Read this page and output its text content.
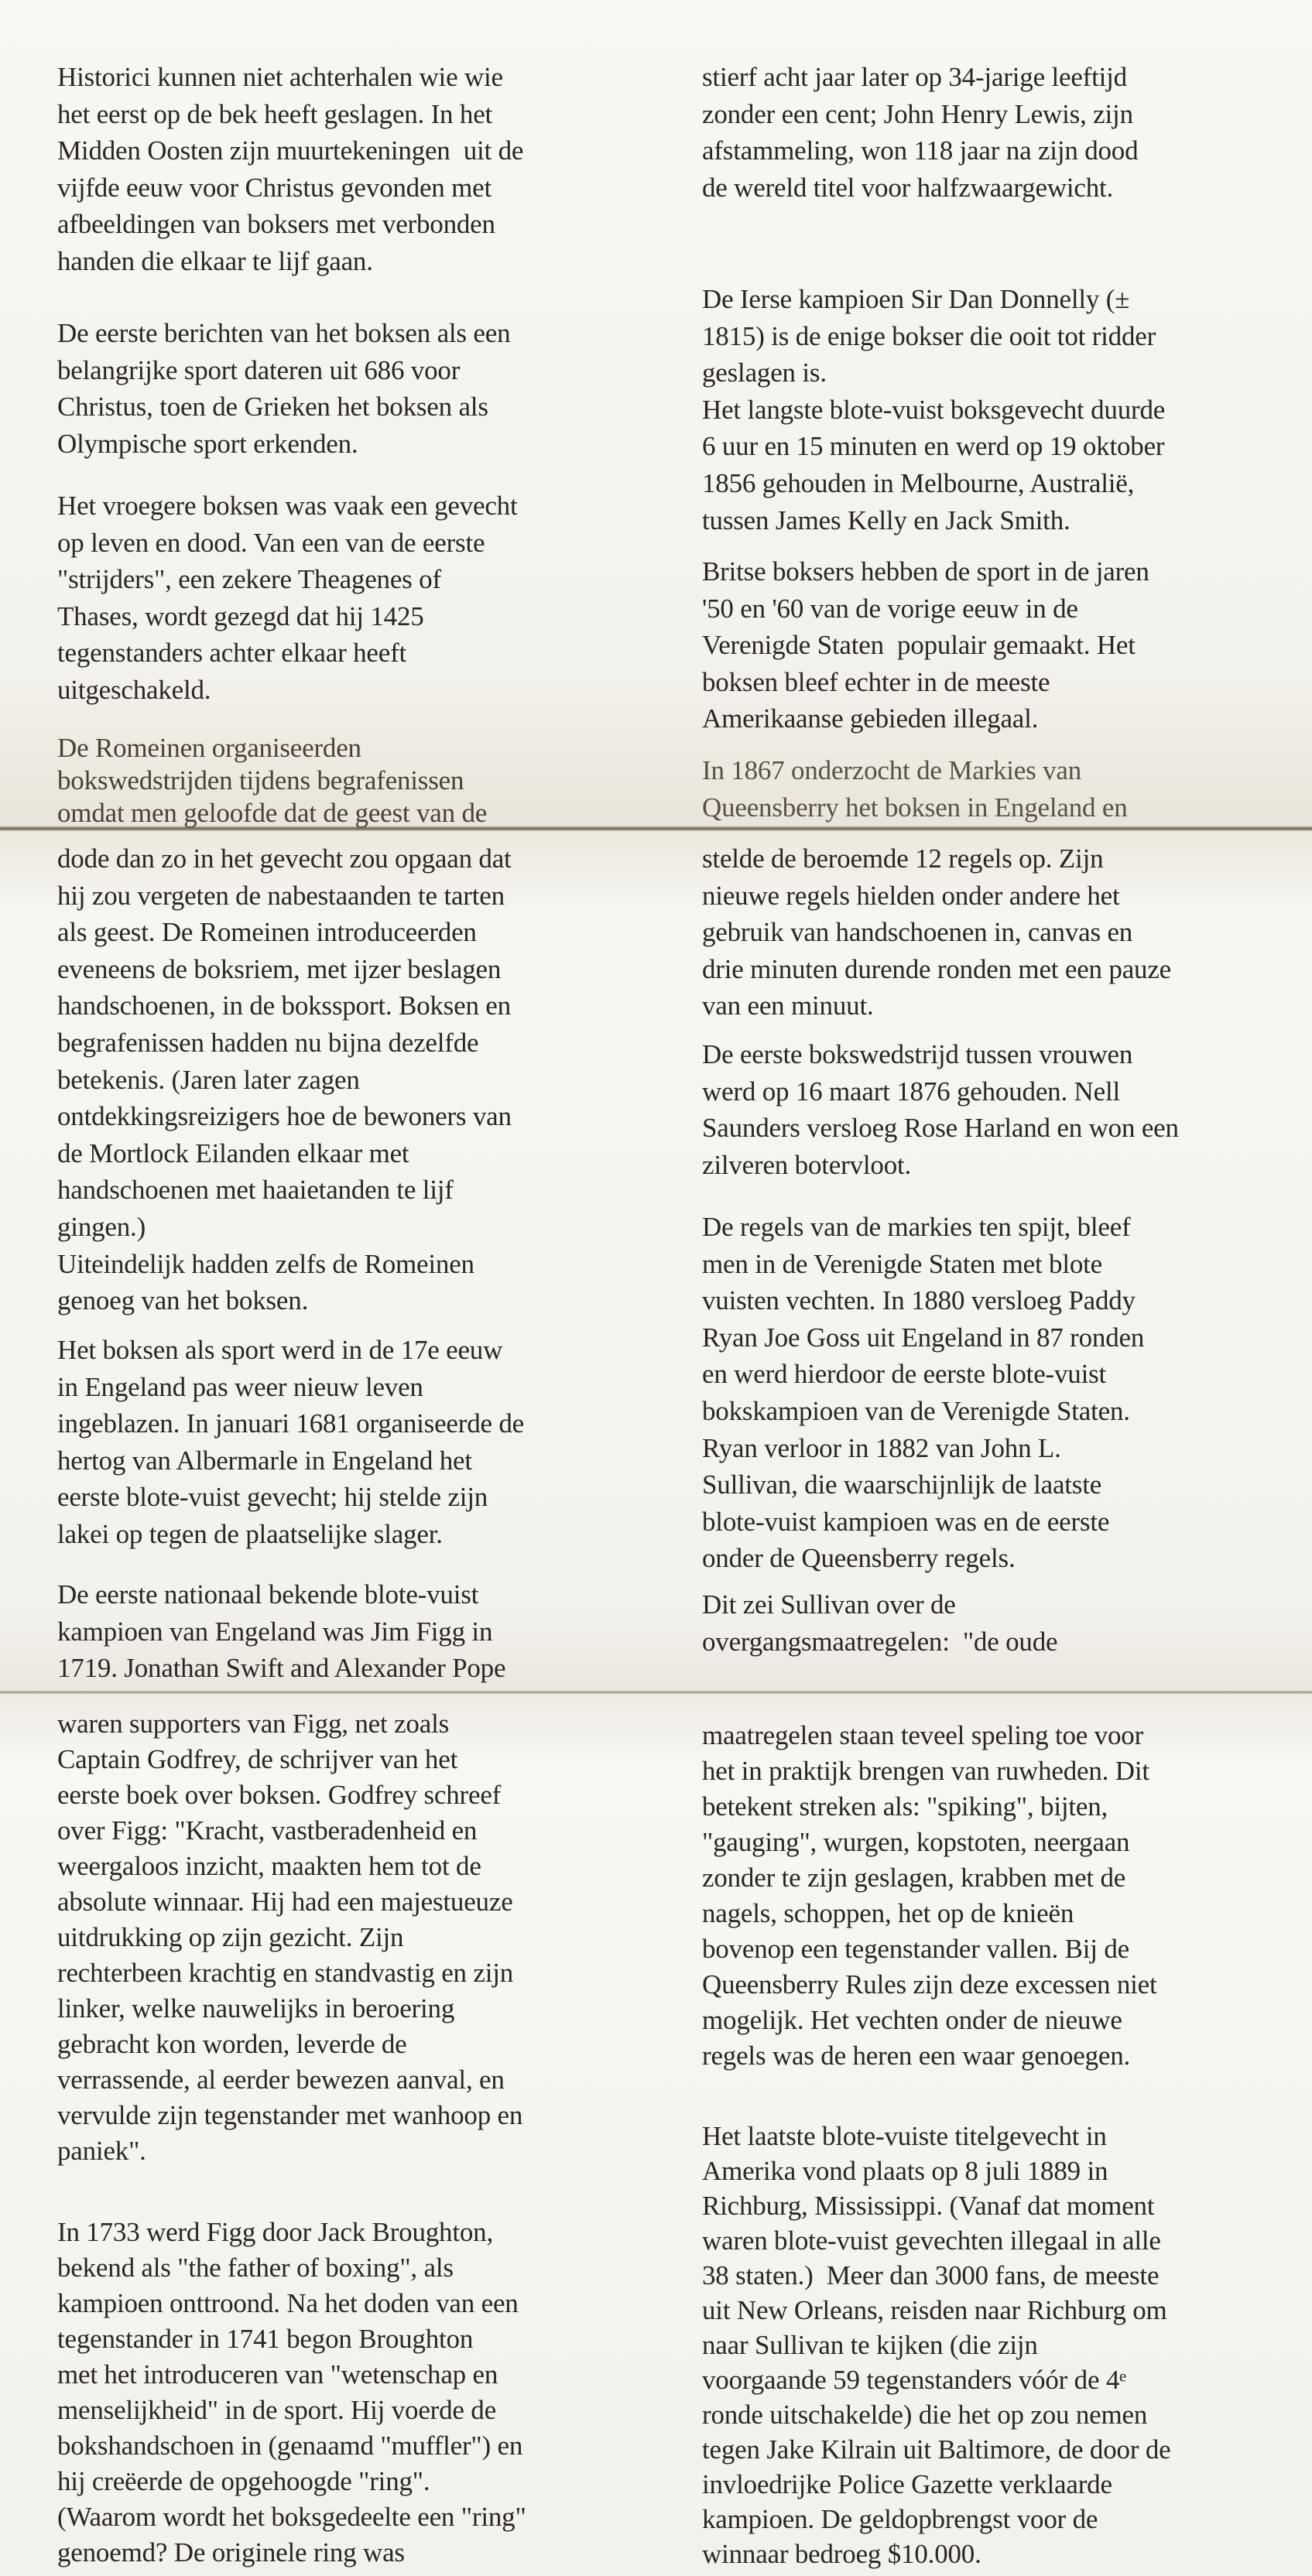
Historici kunnen niet achterhalen wie wie
het eerst op de bek heeft geslagen. In het
Midden Oosten zijn muurtekeningen  uit de
vijfde eeuw voor Christus gevonden met
afbeeldingen van boksers met verbonden
handen die elkaar te lijf gaan.
De eerste berichten van het boksen als een
belangrijke sport dateren uit 686 voor
Christus, toen de Grieken het boksen als
Olympische sport erkenden.
Het vroegere boksen was vaak een gevecht
op leven en dood. Van een van de eerste
"strijders", een zekere Theagenes of
Thases, wordt gezegd dat hij 1425
tegenstanders achter elkaar heeft
uitgeschakeld.
De Romeinen organiseerden
bokswedstrijden tijdens begrafenissen
omdat men geloofde dat de geest van de
dode dan zo in het gevecht zou opgaan dat
hij zou vergeten de nabestaanden te tarten
als geest. De Romeinen introduceerden
eveneens de boksriem, met ijzer beslagen
handschoenen, in de bokssport. Boksen en
begrafenissen hadden nu bijna dezelfde
betekenis. (Jaren later zagen
ontdekkingsreizigers hoe de bewoners van
de Mortlock Eilanden elkaar met
handschoenen met haaietanden te lijf
gingen.)
Uiteindelijk hadden zelfs de Romeinen
genoeg van het boksen.
Het boksen als sport werd in de 17e eeuw
in Engeland pas weer nieuw leven
ingeblazen. In januari 1681 organiseerde de
hertog van Albermarle in Engeland het
eerste blote-vuist gevecht; hij stelde zijn
lakei op tegen de plaatselijke slager.
De eerste nationaal bekende blote-vuist
kampioen van Engeland was Jim Figg in
1719. Jonathan Swift and Alexander Pope
waren supporters van Figg, net zoals
Captain Godfrey, de schrijver van het
eerste boek over boksen. Godfrey schreef
over Figg: "Kracht, vastberadenheid en
weergaloos inzicht, maakten hem tot de
absolute winnaar. Hij had een majestueuze
uitdrukking op zijn gezicht. Zijn
rechterbeen krachtig en standvastig en zijn
linker, welke nauwelijks in beroering
gebracht kon worden, leverde de
verrassende, al eerder bewezen aanval, en
vervulde zijn tegenstander met wanhoop en
paniek".
In 1733 werd Figg door Jack Broughton,
bekend als "the father of boxing", als
kampioen onttroond. Na het doden van een
tegenstander in 1741 begon Broughton
met het introduceren van "wetenschap en
menselijkheid" in de sport. Hij voerde de
bokshandschoen in (genaamd "muffler") en
hij creëerde de opgehoogde "ring".
(Waarom wordt het boksgedeelte een "ring"
genoemd? De originele ring was
stierf acht jaar later op 34-jarige leeftijd
zonder een cent; John Henry Lewis, zijn
afstammeling, won 118 jaar na zijn dood
de wereld titel voor halfzwaargewicht.
De Ierse kampioen Sir Dan Donnelly (±
1815) is de enige bokser die ooit tot ridder
geslagen is.
Het langste blote-vuist boksgevecht duurde
6 uur en 15 minuten en werd op 19 oktober
1856 gehouden in Melbourne, Australië,
tussen James Kelly en Jack Smith.
Britse boksers hebben de sport in de jaren
'50 en '60 van de vorige eeuw in de
Verenigde Staten  populair gemaakt. Het
boksen bleef echter in de meeste
Amerikaanse gebieden illegaal.
In 1867 onderzocht de Markies van
Queensberry het boksen in Engeland en
stelde de beroemde 12 regels op. Zijn
nieuwe regels hielden onder andere het
gebruik van handschoenen in, canvas en
drie minuten durende ronden met een pauze
van een minuut.
De eerste bokswedstrijd tussen vrouwen
werd op 16 maart 1876 gehouden. Nell
Saunders versloeg Rose Harland en won een
zilveren botervloot.
De regels van de markies ten spijt, bleef
men in de Verenigde Staten met blote
vuisten vechten. In 1880 versloeg Paddy
Ryan Joe Goss uit Engeland in 87 ronden
en werd hierdoor de eerste blote-vuist
bokskampioen van de Verenigde Staten.
Ryan verloor in 1882 van John L.
Sullivan, die waarschijnlijk de laatste
blote-vuist kampioen was en de eerste
onder de Queensberry regels.
Dit zei Sullivan over de
overgangsmaatregelen:  "de oude
maatregelen staan teveel speling toe voor
het in praktijk brengen van ruwheden. Dit
betekent streken als: "spiking", bijten,
"gauging", wurgen, kopstoten, neergaan
zonder te zijn geslagen, krabben met de
nagels, schoppen, het op de knieën
bovenop een tegenstander vallen. Bij de
Queensberry Rules zijn deze excessen niet
mogelijk. Het vechten onder de nieuwe
regels was de heren een waar genoegen.
Het laatste blote-vuiste titelgevecht in
Amerika vond plaats op 8 juli 1889 in
Richburg, Mississippi. (Vanaf dat moment
waren blote-vuist gevechten illegaal in alle
38 staten.)  Meer dan 3000 fans, de meeste
uit New Orleans, reisden naar Richburg om
naar Sullivan te kijken (die zijn
voorgaande 59 tegenstanders vóór de 4ᵉ
ronde uitschakelde) die het op zou nemen
tegen Jake Kilrain uit Baltimore, de door de
invloedrijke Police Gazette verklaarde
kampioen. De geldopbrengst voor de
winnaar bedroeg $10.000.
